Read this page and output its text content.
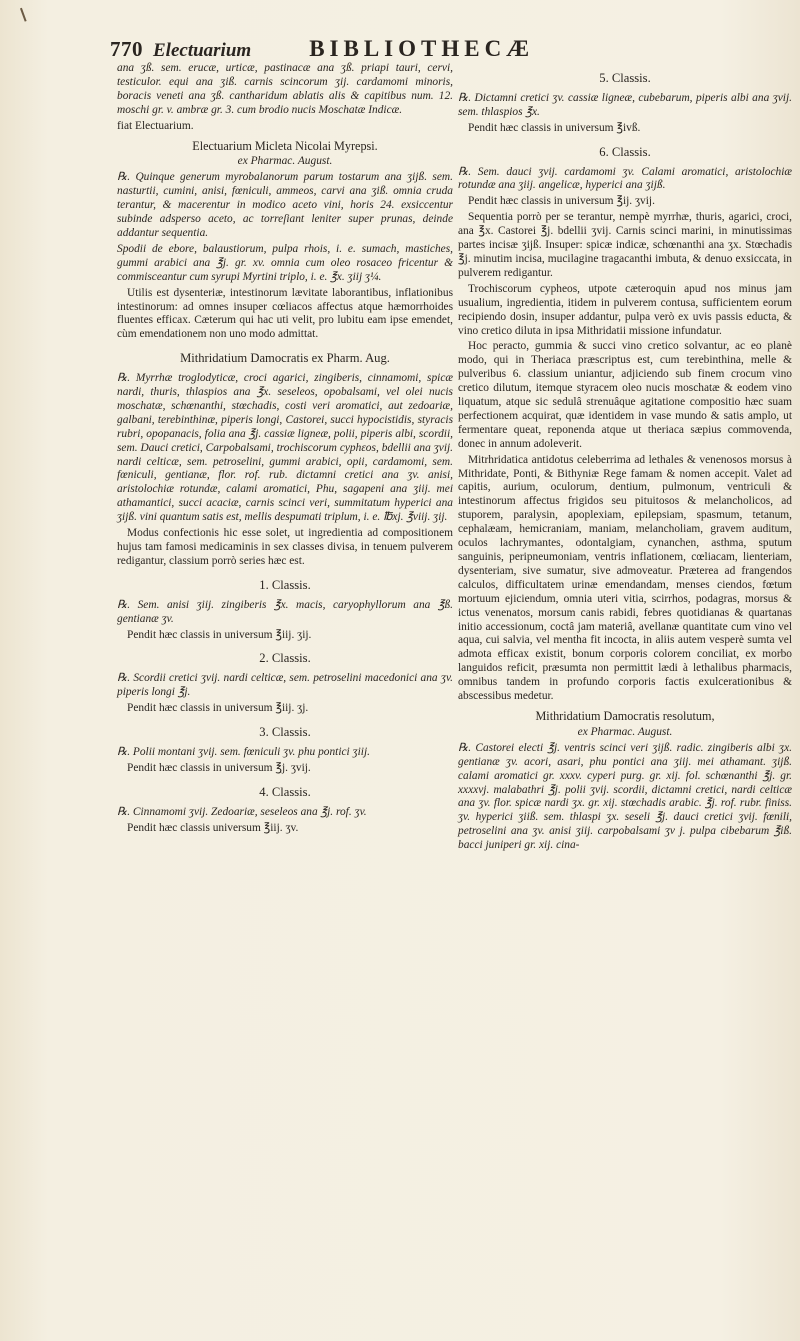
770 Electuarium	BIBLIOTHECÆ

ana ʒß. sem. erucæ, urticæ, pastinacæ ana ʒß. priapi tauri, cervi, testiculor. equi ana ʒiß. carnis scincorum ʒij. cardamomi minoris, boracis veneti ana ʒß. cantharidum ablatis alis & capitibus num. 12. moschi gr. v. ambræ gr. 3. cum brodio nucis Moschatæ Indicæ.

fiat Electuarium.

Electuarium Micleta Nicolai Myrepsi.

ex Pharmac. August.

℞. Quinque generum myrobalanorum parum tostarum ana ʒijß. sem. nasturtii, cumini, anisi, fœniculi, ammeos, carvi ana ʒiß. omnia cruda terantur, & macerentur in modico aceto vini, horis 24. exsiccentur subinde adsperso aceto, ac torreſiant leniter super prunas, deinde addantur sequentia.

Spodii de ebore, balaustiorum, pulpa rhois, i. e. sumach, mastiches, gummi arabici ana ℥j. gr. xv. omnia cum oleo rosaceo fricentur & commisceantur cum syrupi Myrtini triplo, i. e. ℥x. ʒiij ʒ¼.

Utilis est dysenteriæ, intestinorum lævitate laborantibus, inflationibus intestinorum: ad omnes insuper cœliacos affectus atque hæmorrhoides fluentes efficax. Cæterum qui hac uti velit, pro lubitu eam ipse emendet, cùm emendationem non uno modo admittat.

Mithridatium Damocratis ex Pharm. Aug.

℞. Myrrhæ troglodyticæ, croci agarici, zingiberis, cinnamomi, spicæ nardi, thuris, thlaspios ana ℥x. seseleos, opobalsami, vel olei nucis moschatæ, schœnanthi, stœchadis, costi veri aromatici, aut zedoariæ, galbani, terebinthinæ, piperis longi, Castorei, succi hypocistidis, styracis rubri, opopanacis, folia ana ℥j. cassiæ ligneæ, polii, piperis albi, scordii, sem. Dauci cretici, Carpobalsami, trochiscorum cyphεos, bdellii ana ʒvij. nardi celticæ, sem. petroselini, gummi arabici, opii, cardamomi, sem. fœniculi, gentianæ, flor. rof. rub. dictamni cretici ana ʒv. anisi, aristolochiæ rotundæ, calami aromatici, Phu, sagapeni ana ʒiij. mei athamantici, succi acaciæ, carnis scinci veri, summitatum hyperici ana ʒijß. vini quantum satis est, mellis despumati triplum, i. e. ℔xj. ℥viij. ʒij.

Modus confectionis hic esse solet, ut ingredientia ad compositionem hujus tam famosi medicaminis in sex classes divisa, in tenuem pulverem redigantur, classium porrò series hæc est.

1. Classis.

℞. Sem. anisi ʒiij. zingiberis ℥x. macis, caryophyllorum ana ℥ß. gentianæ ʒv.

Pendit hæc classis in universum ℥iij. ʒij.

2. Classis.

℞. Scordii cretici ʒvij. nardi celticæ, sem. petroselini macedonici ana ʒv. piperis longi ℥j.

Pendit hæc classis in universum ℥iij. ʒj.

3. Classis.

℞. Polii montani ʒvij. sem. fœniculi ʒv. phu pontici ʒiij.

Pendit hæc classis in universum ℥j. ʒvij.

4. Classis.

℞. Cinnamomi ʒvij. Zedoariæ, seseleos ana ℥j. rof. ʒv.

Pendit hæc classis universum ℥iij. ʒv.

5. Classis.

℞. Dictamni cretici ʒv. cassiæ ligneæ, cubebarum, piperis albi ana ʒvij. sem. thlaspios ℥x.

Pendit hæc classis in universum ℥ivß.

6. Classis.

℞. Sem. dauci ʒvij. cardamomi ʒv. Calami aromatici, aristolochiæ rotundæ ana ʒiij. angelicæ, hyperici ana ʒijß.

Pendit hæc classis in universum ℥ij. ʒvij.

Sequentia porrò per se terantur, nempè myrrhæ, thuris, agarici, croci, ana ℥x. Castorei ℥j. bdellii ʒvij. Carnis scinci marini, in minutissimas partes incisæ ʒijß. Insuper: spicæ indicæ, schœnanthi ana ʒx. Stœchadis ℥j. minutim incisa, mucilagine tragacanthi imbuta, & denuo exsiccata, in pulverem redigantur.

Trochiscorum cypheos, utpote cæteroquin apud nos minus jam usualium, ingredientia, itidem in pulverem contusa, sufficientem eorum recipiendo dosin, insuper addantur, pulpa verò ex uvis passis educta, & vino cretico diluta in ipsa Mithridatii missione infundatur.

Hoc peracto, gummia & succi vino cretico solvantur, ac eo planè modo, qui in Theriaca præscriptus est, cum terebinthina, melle & pulveribus 6. classium uniantur, adjiciendo sub finem crocum vino cretico dilutum, itemque styracem oleo nucis moschatæ & eodem vino liquatum, atque sic sedulâ strenuâque agitatione compositio hæc suam perfectionem acquirat, quæ identidem in vase mundo & satis amplo, ut fermentare queat, reponenda atque ut theriaca sæpius commovenda, donec in annum adoleverit.

Mitrhridatica antidotus celeberrima ad lethales & venenosos morsus à Mithridate, Ponti, & Bithyniæ Rege famam & nomen accepit. Valet ad capitis, aurium, oculorum, dentium, pulmonum, ventriculi & intestinorum affectus frigidos seu pituitosos & melancholicos, ad stuporem, paralysin, apoplexiam, epilepsiam, spasmum, tetanum, cephalæam, hemicraniam, maniam, melancholiam, gravem auditum, oculos lachrymantes, odontalgiam, cynanchen, asthma, sputum sanguinis, peripneumoniam, ventris inflationem, cœliacam, lienteriam, dysenteriam, sive sumatur, sive admoveatur. Præterea ad frangendos calculos, difficultatem urinæ emendandam, menses ciendos, fœtum mortuum ejiciendum, omnia uteri vitia, scirrhos, podagras, morsus & ictus venenatos, morsum canis rabidi, febres quotidianas & quartanas initio accessionum, coctâ jam materiâ, avellanæ quantitate cum vino vel aqua, cui salvia, vel mentha fit incocta, in aliis autem vesperè sumta vel admota efficax existit, bonum corporis colorem conciliat, ex morbo languidos reficit, præsumta non permittit lædi à lethalibus pharmacis, omnibus tandem in profundo corporis factis exulcerationibus & abscessibus medetur.

Mithridatium Damocratis resolutum,

ex Pharmac. August.

℞. Castorei electi ℥j. ventris scinci veri ʒijß. radic. zingiberis albi ʒx. gentianæ ʒv. acori, asari, phu pontici ana ʒiij. mei athamant. ʒijß. calami aromatici gr. xxxv. cyperi purg. gr. xij. fol. schœnanthi ℥j. gr. xxxxvj. malabathri ℥j. polii ʒvij. scordii, dictamni cretici, nardi celticæ ana ʒv. flor. spicæ nardi ʒx. gr. xij. stœchadis arabic. ℥j. rof. rubr. finiss. ʒv. hyperici ʒiiß. sem. thlaspi ʒx. seseli ℥j. dauci cretici ʒvij. fœnili, petroselini ana ʒv. anisi ʒiij. carpobalsami ʒv j. pulpa cibebarum ℥iß. bacci juniperi gr. xij. cina-
